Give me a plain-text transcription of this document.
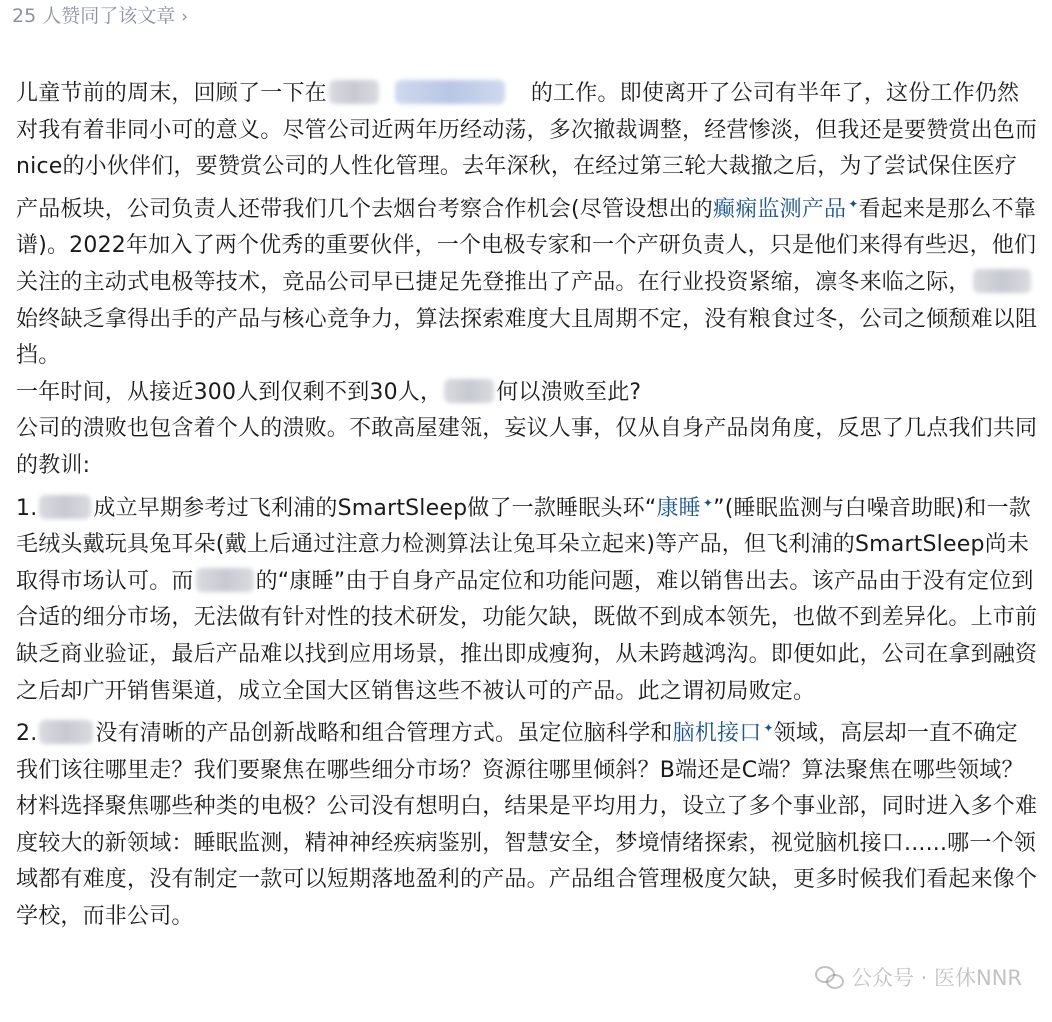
25 人赞同了该文章 ›

儿童节前的周末，回顾了一下在	的工作。即使离开了公司有半年了，这份工作仍然对我有着非同小可的意义。尽管公司近两年历经动荡，多次撤裁调整，经营惨淡，但我还是要赞赏出色而nice的小伙伴们，要赞赏公司的人性化管理。去年深秋，在经过第三轮大裁撤之后，为了尝试保住医疗产品板块，公司负责人还带我们几个去烟台考察合作机会(尽管设想出的癫痫监测产品 ✦看起来是那么不靠谱)。2022年加入了两个优秀的重要伙伴，一个电极专家和一个产研负责人，只是他们来得有些迟，他们关注的主动式电极等技术，竞品公司早已捷足先登推出了产品。在行业投资紧缩，凛冬来临之际，始终缺乏拿得出手的产品与核心竞争力，算法探索难度大且周期不定，没有粮食过冬，公司之倾颓难以阻挡。

一年时间，从接近300人到仅剩不到30人， 何以溃败至此?

公司的溃败也包含着个人的溃败。不敢高屋建瓴，妄议人事，仅从自身产品岗角度，反思了几点我们共同的教训:

1.	成立早期参考过飞利浦的SmartSleep做了一款睡眠头环“康睡 ✦”(睡眠监测与白噪音助眠)和一款毛绒头戴玩具兔耳朵(戴上后通过注意力检测算法让兔耳朵立起来)等产品，但飞利浦的SmartSleep尚未取得市场认可。而	的“康睡”由于自身产品定位和功能问题，难以销售出去。该产品由于没有定位到合适的细分市场，无法做有针对性的技术研发，功能欠缺，既做不到成本领先，也做不到差异化。上市前缺乏商业验证，最后产品难以找到应用场景，推出即成瘦狗，从未跨越鸿沟。即便如此，公司在拿到融资之后却广开销售渠道，成立全国大区销售这些不被认可的产品。此之谓初局败定。

2.	没有清晰的产品创新战略和组合管理方式。虽定位脑科学和脑机接口 ✦领域，高层却一直不确定我们该往哪里走？我们要聚焦在哪些细分市场？资源往哪里倾斜？B端还是C端？算法聚焦在哪些领域？材料选择聚焦哪些种类的电极？公司没有想明白，结果是平均用力，设立了多个事业部，同时进入多个难度较大的新领域：睡眠监测，精神神经疾病鉴别，智慧安全，梦境情绪探索，视觉脑机接口......哪一个领域都有难度，没有制定一款可以短期落地盈利的产品。产品组合管理极度欠缺，更多时候我们看起来像个学校，而非公司。

公众号 · 医休NNR
